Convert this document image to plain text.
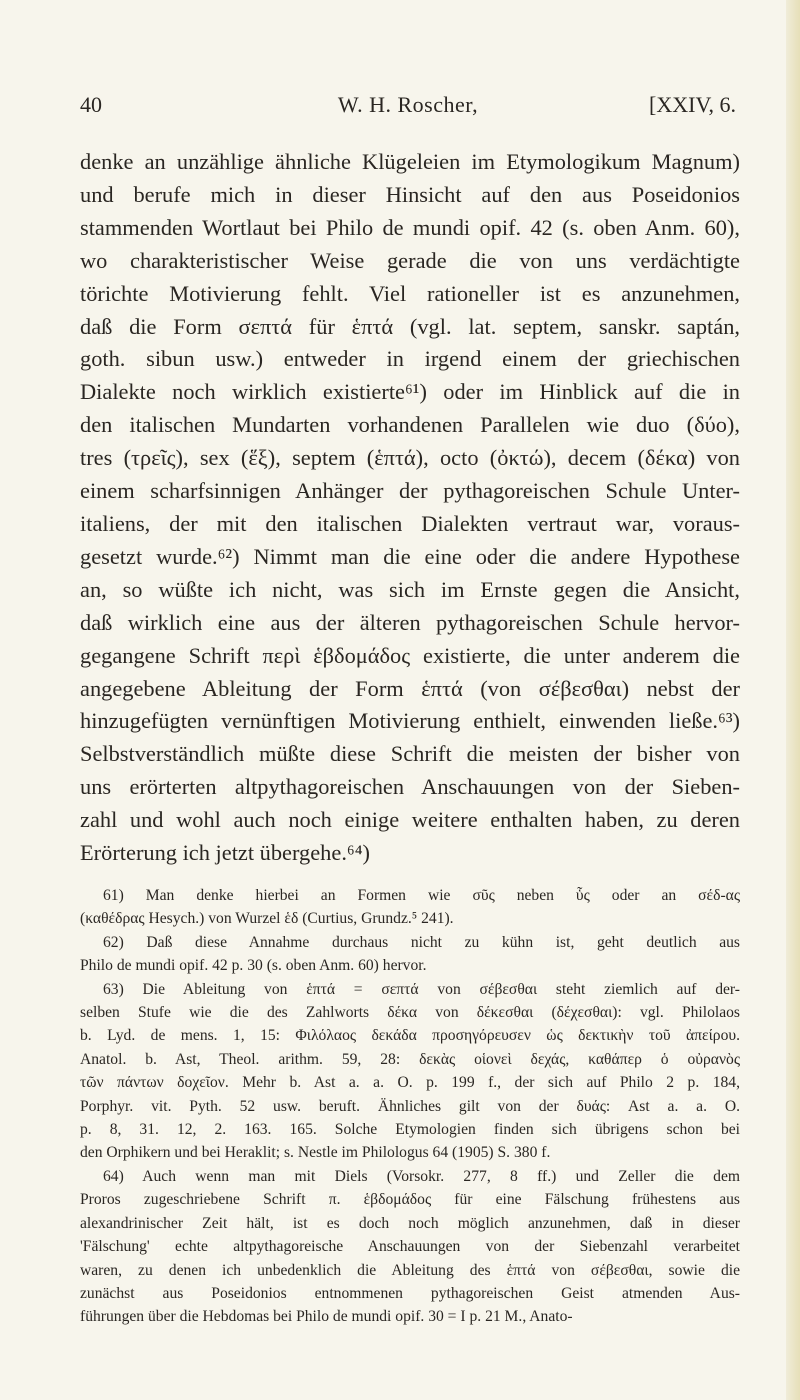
40	W. H. Roscher,	[XXIV, 6.
denke an unzählige ähnliche Klügeleien im Etymologikum Magnum)
und berufe mich in dieser Hinsicht auf den aus Poseidonios
stammenden Wortlaut bei Philo de mundi opif. 42 (s. oben Anm. 60),
wo charakteristischer Weise gerade die von uns verdächtigte
törichte Motivierung fehlt. Viel rationeller ist es anzunehmen,
daß die Form σεπτά für ἑπτά (vgl. lat. septem, sanskr. saptán,
goth. sibun usw.) entweder in irgend einem der griechischen
Dialekte noch wirklich existierte⁶¹) oder im Hinblick auf die in
den italischen Mundarten vorhandenen Parallelen wie duo (δύο),
tres (τρεῖς), sex (ἕξ), septem (ἑπτά), octo (ὀκτώ), decem (δέκα) von
einem scharfsinnigen Anhänger der pythagoreischen Schule Unter-
italiens, der mit den italischen Dialekten vertraut war, voraus-
gesetzt wurde.⁶²) Nimmt man die eine oder die andere Hypothese
an, so wüßte ich nicht, was sich im Ernste gegen die Ansicht,
daß wirklich eine aus der älteren pythagoreischen Schule hervor-
gegangene Schrift περὶ ἑβδομάδος existierte, die unter anderem die
angegebene Ableitung der Form ἑπτά (von σέβεσθαι) nebst der
hinzugefügten vernünftigen Motivierung enthielt, einwenden ließe.⁶³)
Selbstverständlich müßte diese Schrift die meisten der bisher von
uns erörterten altpythagoreischen Anschauungen von der Sieben-
zahl und wohl auch noch einige weitere enthalten haben, zu deren
Erörterung ich jetzt übergehe.⁶⁴)
61) Man denke hierbei an Formen wie σῦς neben ὗς oder an σέδ-ας
(καθέδρας Hesych.) von Wurzel ἑδ (Curtius, Grundz.⁵ 241).
62) Daß diese Annahme durchaus nicht zu kühn ist, geht deutlich aus
Philo de mundi opif. 42 p. 30 (s. oben Anm. 60) hervor.
63) Die Ableitung von ἑπτά = σεπτά von σέβεσθαι steht ziemlich auf der-
selben Stufe wie die des Zahlworts δέκα von δέκεσθαι (δέχεσθαι): vgl. Philolaos
b. Lyd. de mens. 1, 15: Φιλόλαος δεκάδα προσηγόρευσεν ὡς δεκτικὴν τοῦ ἀπείρου.
Anatol. b. Ast, Theol. arithm. 59, 28: δεκὰς οἱονεὶ δεχάς, καθάπερ ὁ οὐρανὸς
τῶν πάντων δοχεῖον. Mehr b. Ast a. a. O. p. 199 f., der sich auf Philo 2 p. 184,
Porphyr. vit. Pyth. 52 usw. beruft. Ähnliches gilt von der δυάς: Ast a. a. O.
p. 8, 31. 12, 2. 163. 165. Solche Etymologien finden sich übrigens schon bei
den Orphikern und bei Heraklit; s. Nestle im Philologus 64 (1905) S. 380 f.
64) Auch wenn man mit Diels (Vorsokr. 277, 8 ff.) und Zeller die dem
Proros zugeschriebene Schrift π. ἑβδομάδος für eine Fälschung frühestens aus
alexandrinischer Zeit hält, ist es doch noch möglich anzunehmen, daß in dieser
'Fälschung' echte altpythagoreische Anschauungen von der Siebenzahl verarbeitet
waren, zu denen ich unbedenklich die Ableitung des ἑπτά von σέβεσθαι, sowie die
zunächst aus Poseidonios entnommenen pythagoreischen Geist atmenden Aus-
führungen über die Hebdomas bei Philo de mundi opif. 30 = I p. 21 M., Anato-
